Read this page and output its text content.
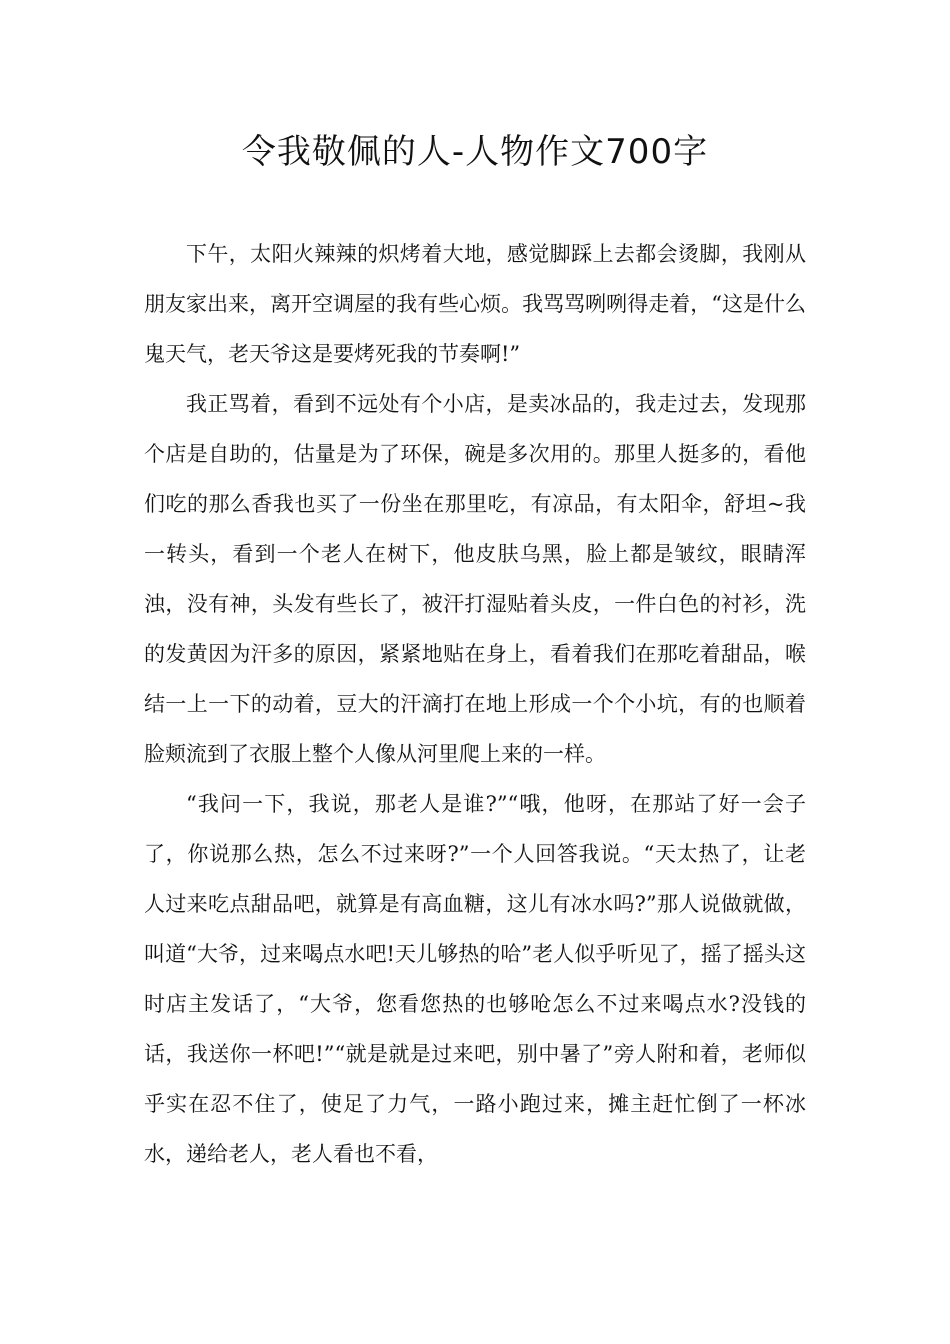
令我敬佩的人-人物作文700字

下午，太阳火辣辣的炽烤着大地，感觉脚踩上去都会烫脚，我刚从朋友家出来，离开空调屋的我有些心烦。我骂骂咧咧得走着，“这是什么鬼天气，老天爷这是要烤死我的节奏啊!”

我正骂着，看到不远处有个小店，是卖冰品的，我走过去，发现那个店是自助的，估量是为了环保，碗是多次用的。那里人挺多的，看他们吃的那么香我也买了一份坐在那里吃，有凉品，有太阳伞，舒坦~我一转头，看到一个老人在树下，他皮肤乌黑，脸上都是皱纹，眼睛浑浊，没有神，头发有些长了，被汗打湿贴着头皮，一件白色的衬衫，洗的发黄因为汗多的原因，紧紧地贴在身上，看着我们在那吃着甜品，喉结一上一下的动着，豆大的汗滴打在地上形成一个个小坑，有的也顺着脸颊流到了衣服上整个人像从河里爬上来的一样。

“我问一下，我说，那老人是谁?”“哦，他呀，在那站了好一会子了，你说那么热，怎么不过来呀?”一个人回答我说。“天太热了，让老人过来吃点甜品吧，就算是有高血糖，这儿有冰水吗?”那人说做就做，叫道“大爷，过来喝点水吧!天儿够热的哈”老人似乎听见了，摇了摇头这时店主发话了，“大爷，您看您热的也够呛怎么不过来喝点水?没钱的话，我送你一杯吧!”“就是就是过来吧，别中暑了”旁人附和着，老师似乎实在忍不住了，使足了力气，一路小跑过来，摊主赶忙倒了一杯冰水，递给老人，老人看也不看，
